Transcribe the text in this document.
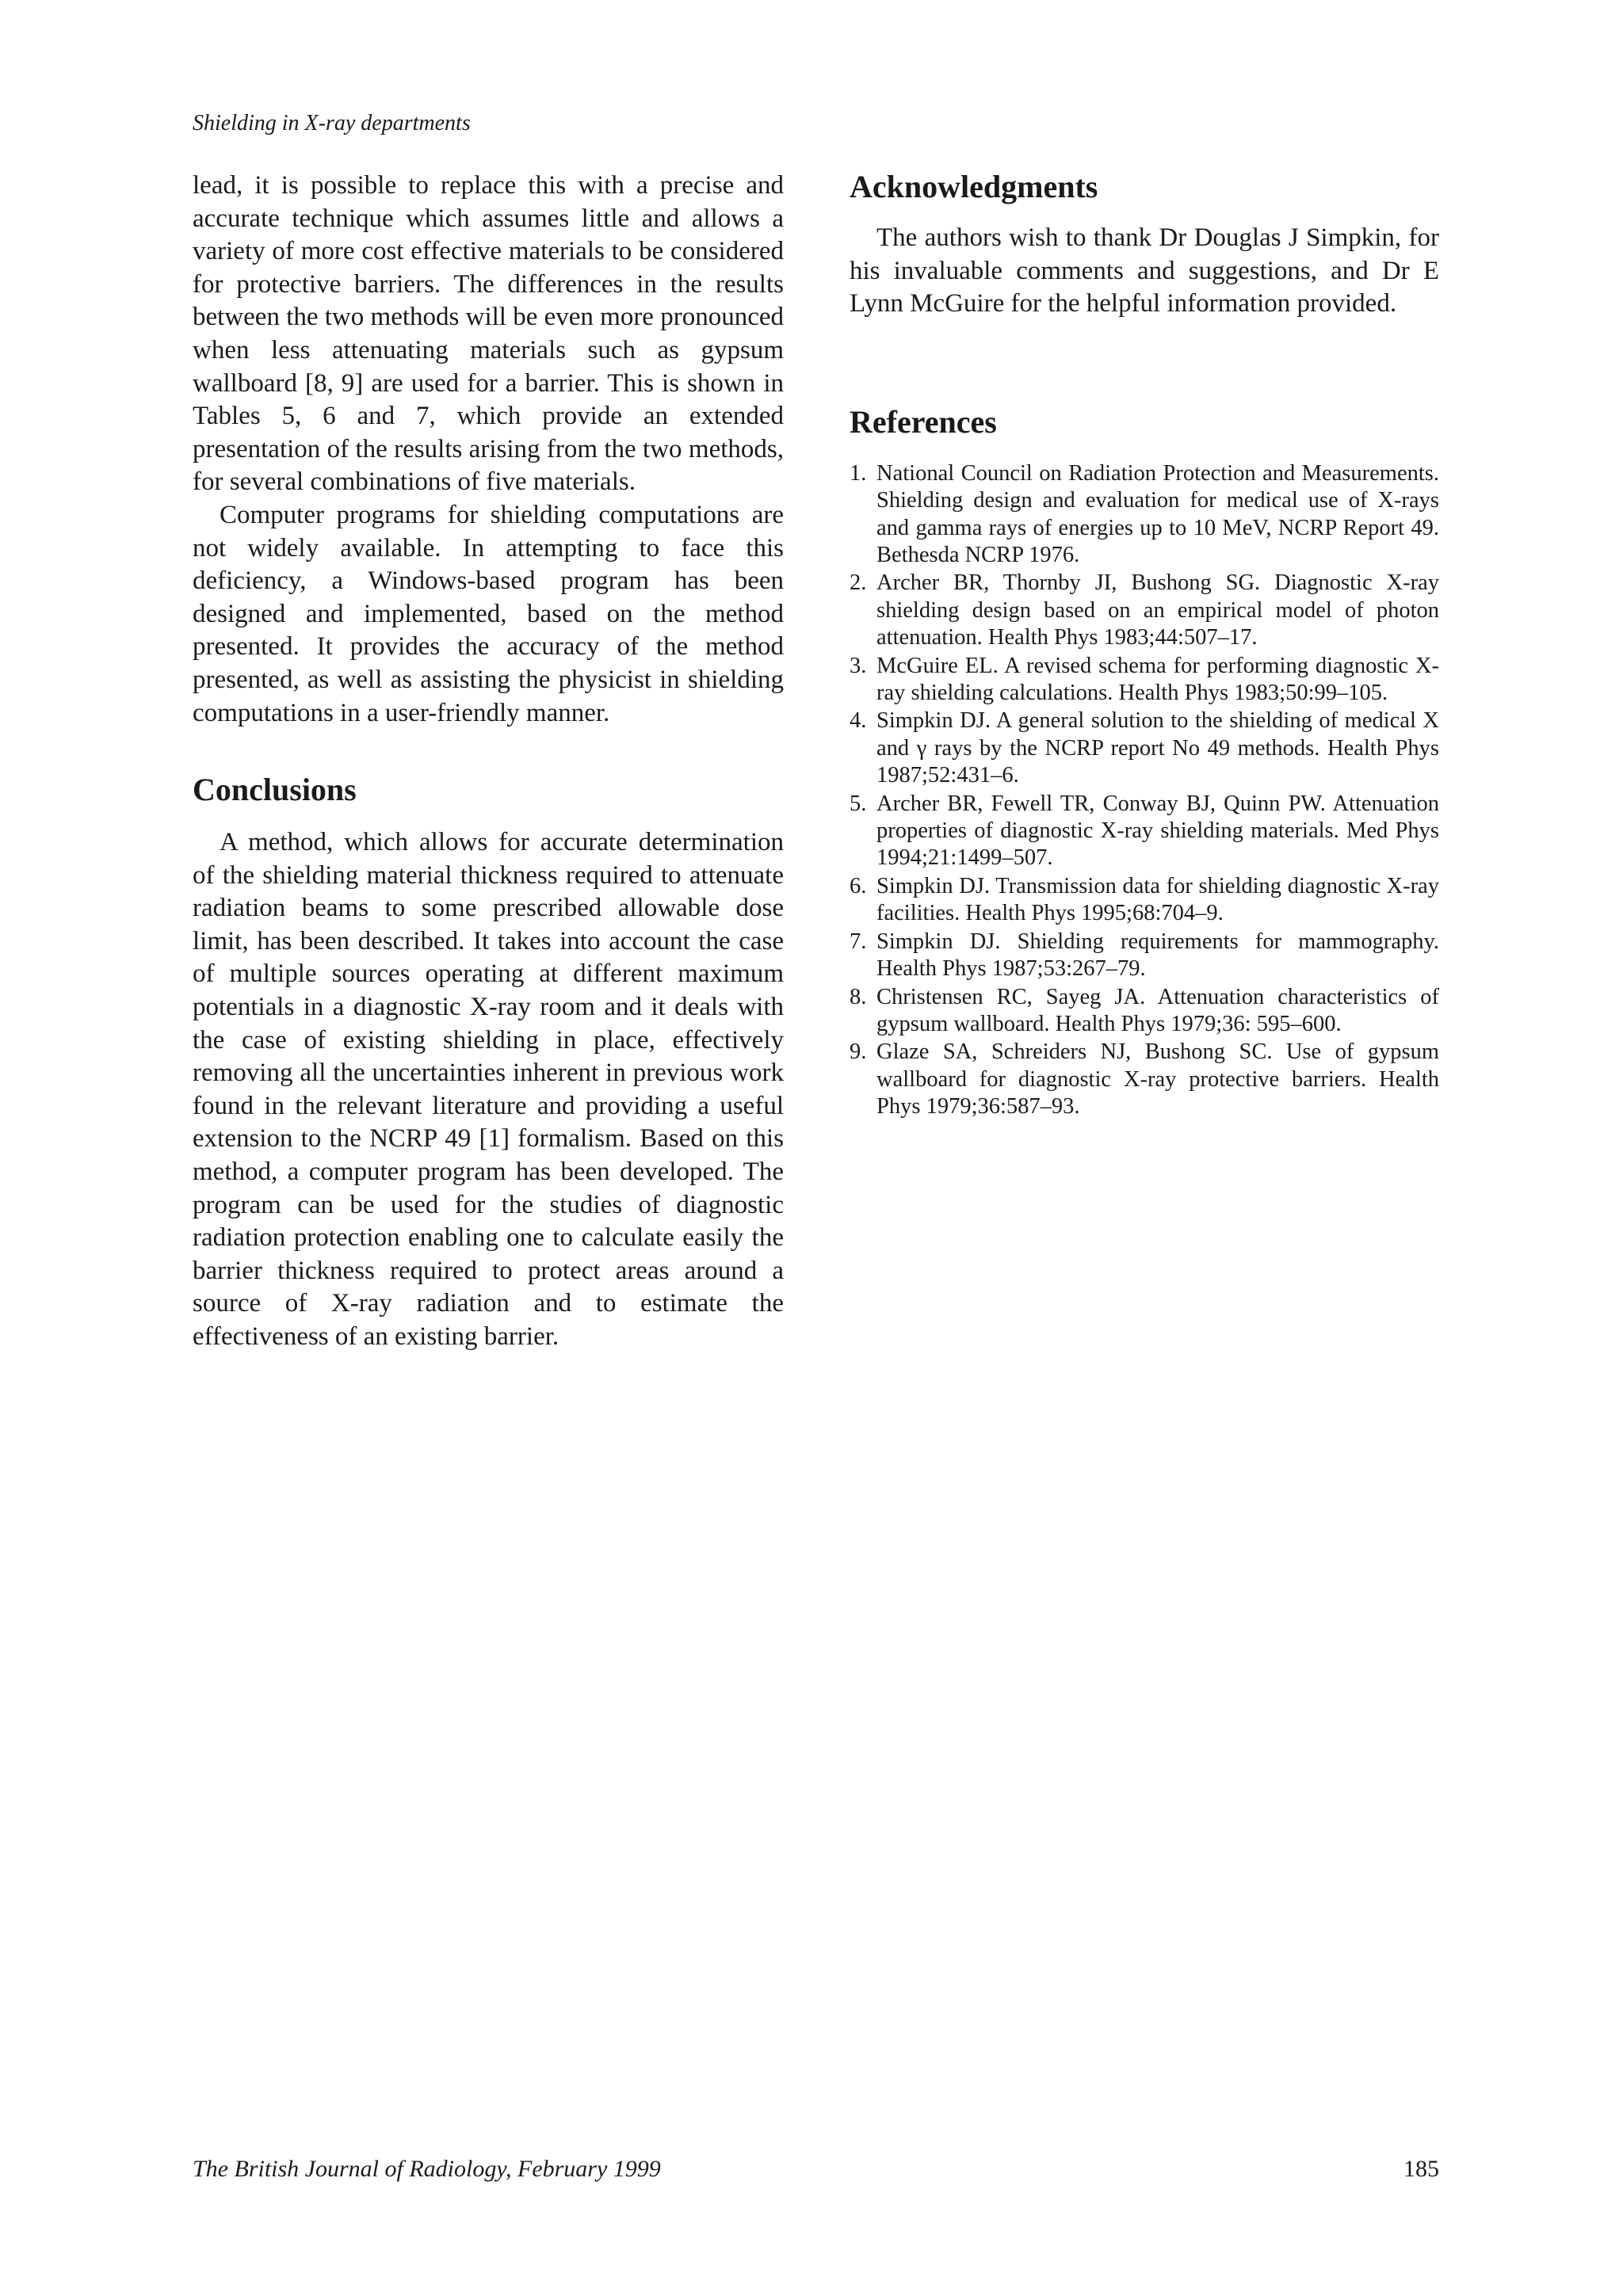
Shielding in X-ray departments

lead, it is possible to replace this with a precise and accurate technique which assumes little and allows a variety of more cost effective materials to be considered for protective barriers. The differences in the results between the two methods will be even more pronounced when less attenuating materials such as gypsum wallboard [8, 9] are used for a barrier. This is shown in Tables 5, 6 and 7, which provide an extended presentation of the results arising from the two methods, for several combinations of five materials.

Computer programs for shielding computations are not widely available. In attempting to face this deficiency, a Windows-based program has been designed and implemented, based on the method presented. It provides the accuracy of the method presented, as well as assisting the physicist in shielding computations in a user-friendly manner.

Conclusions

A method, which allows for accurate determination of the shielding material thickness required to attenuate radiation beams to some prescribed allowable dose limit, has been described. It takes into account the case of multiple sources operating at different maximum potentials in a diagnostic X-ray room and it deals with the case of existing shielding in place, effectively removing all the uncertainties inherent in previous work found in the relevant literature and providing a useful extension to the NCRP 49 [1] formalism. Based on this method, a computer program has been developed. The program can be used for the studies of diagnostic radiation protection enabling one to calculate easily the barrier thickness required to protect areas around a source of X-ray radiation and to estimate the effectiveness of an existing barrier.

Acknowledgments

The authors wish to thank Dr Douglas J Simpkin, for his invaluable comments and suggestions, and Dr E Lynn McGuire for the helpful information provided.

References
1. National Council on Radiation Protection and Measurements. Shielding design and evaluation for medical use of X-rays and gamma rays of energies up to 10 MeV, NCRP Report 49. Bethesda NCRP 1976.
2. Archer BR, Thornby JI, Bushong SG. Diagnostic X-ray shielding design based on an empirical model of photon attenuation. Health Phys 1983;44:507–17.
3. McGuire EL. A revised schema for performing diagnostic X-ray shielding calculations. Health Phys 1983;50:99–105.
4. Simpkin DJ. A general solution to the shielding of medical X and γ rays by the NCRP report No 49 methods. Health Phys 1987;52:431–6.
5. Archer BR, Fewell TR, Conway BJ, Quinn PW. Attenuation properties of diagnostic X-ray shielding materials. Med Phys 1994;21:1499–507.
6. Simpkin DJ. Transmission data for shielding diagnostic X-ray facilities. Health Phys 1995;68:704–9.
7. Simpkin DJ. Shielding requirements for mammography. Health Phys 1987;53:267–79.
8. Christensen RC, Sayeg JA. Attenuation characteristics of gypsum wallboard. Health Phys 1979;36: 595–600.
9. Glaze SA, Schreiders NJ, Bushong SC. Use of gypsum wallboard for diagnostic X-ray protective barriers. Health Phys 1979;36:587–93.
The British Journal of Radiology, February 1999	185
